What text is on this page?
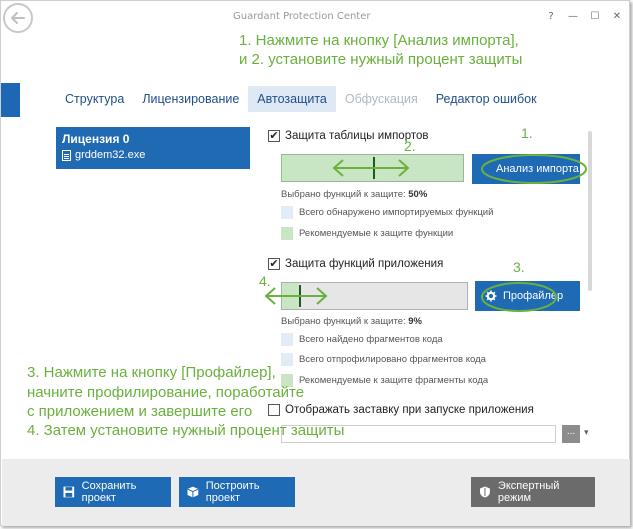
Guardant Protection Center	?	— ☐ ✕
1. Нажмите на кнопку [Анализ импорта],
и 2. установите нужный процент защиты
Структура	Лицензирование	Автозащита	Обфускация	Редактор ошибок
Лицензия 0
grddem32.exe
✔ Защита таблицы импортов	1.
2.
Анализ импорта
Выбрано функций к защите: 50%
Всего обнаружено импортируемых функций
Рекомендуемые к защите функции
✔ Защита функций приложения	3.
4.
Профайлер
Выбрано функций к защите: 9%
Всего найдено фрагментов кода
Всего отпрофилировано фрагментов кода
Рекомендуемые к защите фрагменты кода
Отображать заставку при запуске приложения
... ▾
3. Нажмите на кнопку [Профайлер],
начните профилирование, поработайте
с приложением и завершите его
4. Затем установите нужный процент защиты
Сохранить проект
Построить проект
Экспертный режим
